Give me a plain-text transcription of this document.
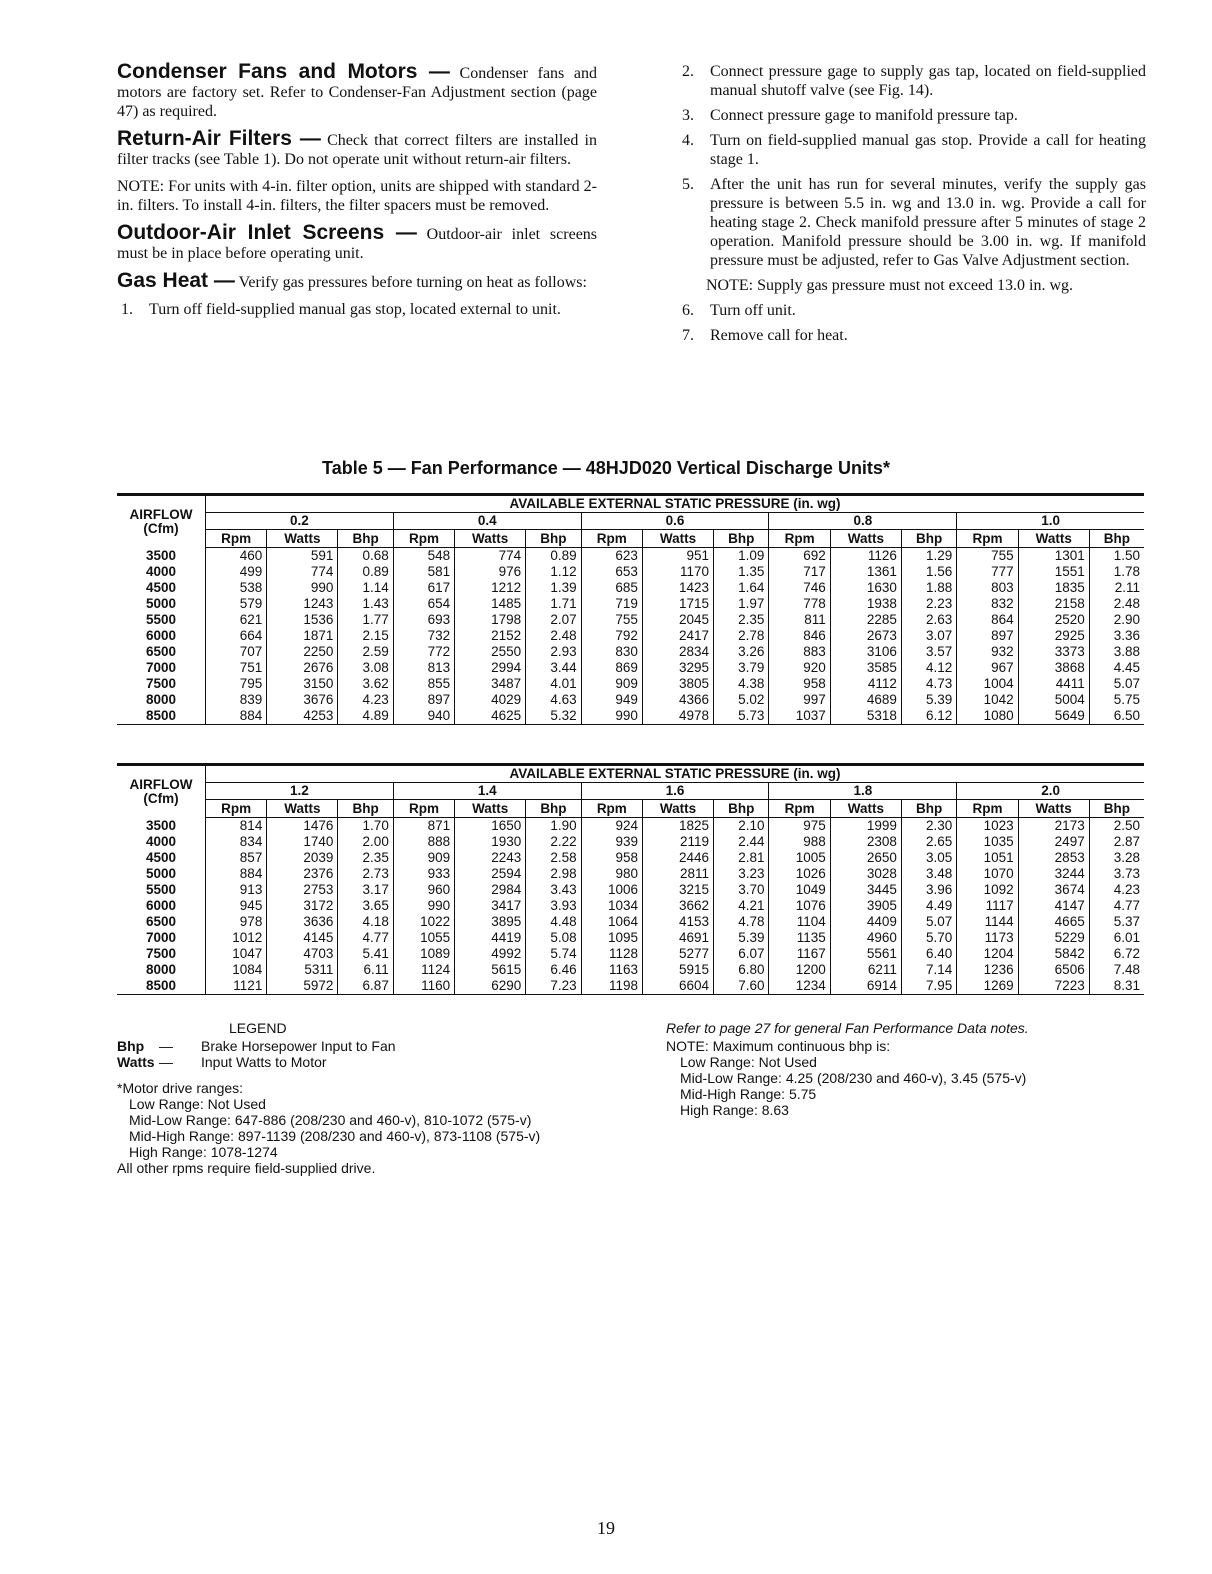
Condenser Fans and Motors — Condenser fans and motors are factory set. Refer to Condenser-Fan Adjustment section (page 47) as required.

Return-Air Filters — Check that correct filters are installed in filter tracks (see Table 1). Do not operate unit without return-air filters.

NOTE: For units with 4-in. filter option, units are shipped with standard 2-in. filters. To install 4-in. filters, the filter spacers must be removed.

Outdoor-Air Inlet Screens — Outdoor-air inlet screens must be in place before operating unit.

Gas Heat — Verify gas pressures before turning on heat as follows:

1.	Turn off field-supplied manual gas stop, located external to unit.
2.	Connect pressure gage to supply gas tap, located on field-supplied manual shutoff valve (see Fig. 14).
3.	Connect pressure gage to manifold pressure tap.
4.	Turn on field-supplied manual gas stop. Provide a call for heating stage 1.
5.	After the unit has run for several minutes, verify the supply gas pressure is between 5.5 in. wg and 13.0 in. wg. Provide a call for heating stage 2. Check manifold pressure after 5 minutes of stage 2 operation. Manifold pressure should be 3.00 in. wg. If manifold pressure must be adjusted, refer to Gas Valve Adjustment section.

NOTE: Supply gas pressure must not exceed 13.0 in. wg.

6.	Turn off unit.
7.	Remove call for heat.
Table 5 — Fan Performance — 48HJD020 Vertical Discharge Units*
AIRFLOW
(Cfm)	AVAILABLE EXTERNAL STATIC PRESSURE (in. wg)														
	0.2			0.4			0.6			0.8			1.0		
	Rpm	Watts	Bhp	Rpm	Watts	Bhp	Rpm	Watts	Bhp	Rpm	Watts	Bhp	Rpm	Watts	Bhp
3500	460	591	0.68	548	774	0.89	623	951	1.09	692	1126	1.29	755	1301	1.50
4000	499	774	0.89	581	976	1.12	653	1170	1.35	717	1361	1.56	777	1551	1.78
4500	538	990	1.14	617	1212	1.39	685	1423	1.64	746	1630	1.88	803	1835	2.11
5000	579	1243	1.43	654	1485	1.71	719	1715	1.97	778	1938	2.23	832	2158	2.48
5500	621	1536	1.77	693	1798	2.07	755	2045	2.35	811	2285	2.63	864	2520	2.90
6000	664	1871	2.15	732	2152	2.48	792	2417	2.78	846	2673	3.07	897	2925	3.36
6500	707	2250	2.59	772	2550	2.93	830	2834	3.26	883	3106	3.57	932	3373	3.88
7000	751	2676	3.08	813	2994	3.44	869	3295	3.79	920	3585	4.12	967	3868	4.45
7500	795	3150	3.62	855	3487	4.01	909	3805	4.38	958	4112	4.73	1004	4411	5.07
8000	839	3676	4.23	897	4029	4.63	949	4366	5.02	997	4689	5.39	1042	5004	5.75
8500	884	4253	4.89	940	4625	5.32	990	4978	5.73	1037	5318	6.12	1080	5649	6.50
AIRFLOW
(Cfm)	AVAILABLE EXTERNAL STATIC PRESSURE (in. wg)														
	1.2			1.4			1.6			1.8			2.0		
	Rpm	Watts	Bhp	Rpm	Watts	Bhp	Rpm	Watts	Bhp	Rpm	Watts	Bhp	Rpm	Watts	Bhp
3500	814	1476	1.70	871	1650	1.90	924	1825	2.10	975	1999	2.30	1023	2173	2.50
4000	834	1740	2.00	888	1930	2.22	939	2119	2.44	988	2308	2.65	1035	2497	2.87
4500	857	2039	2.35	909	2243	2.58	958	2446	2.81	1005	2650	3.05	1051	2853	3.28
5000	884	2376	2.73	933	2594	2.98	980	2811	3.23	1026	3028	3.48	1070	3244	3.73
5500	913	2753	3.17	960	2984	3.43	1006	3215	3.70	1049	3445	3.96	1092	3674	4.23
6000	945	3172	3.65	990	3417	3.93	1034	3662	4.21	1076	3905	4.49	1117	4147	4.77
6500	978	3636	4.18	1022	3895	4.48	1064	4153	4.78	1104	4409	5.07	1144	4665	5.37
7000	1012	4145	4.77	1055	4419	5.08	1095	4691	5.39	1135	4960	5.70	1173	5229	6.01
7500	1047	4703	5.41	1089	4992	5.74	1128	5277	6.07	1167	5561	6.40	1204	5842	6.72
8000	1084	5311	6.11	1124	5615	6.46	1163	5915	6.80	1200	6211	7.14	1236	6506	7.48
8500	1121	5972	6.87	1160	6290	7.23	1198	6604	7.60	1234	6914	7.95	1269	7223	8.31
LEGEND
Bhp	—	Brake Horsepower Input to Fan
Watts —	Input Watts to Motor
*Motor drive ranges:
Low Range: Not Used
Mid-Low Range: 647-886 (208/230 and 460-v), 810-1072 (575-v)
Mid-High Range: 897-1139 (208/230 and 460-v), 873-1108 (575-v)
High Range: 1078-1274
All other rpms require field-supplied drive.
Refer to page 27 for general Fan Performance Data notes.
NOTE: Maximum continuous bhp is:
Low Range: Not Used
Mid-Low Range: 4.25 (208/230 and 460-v), 3.45 (575-v)
Mid-High Range: 5.75
High Range: 8.63
19
